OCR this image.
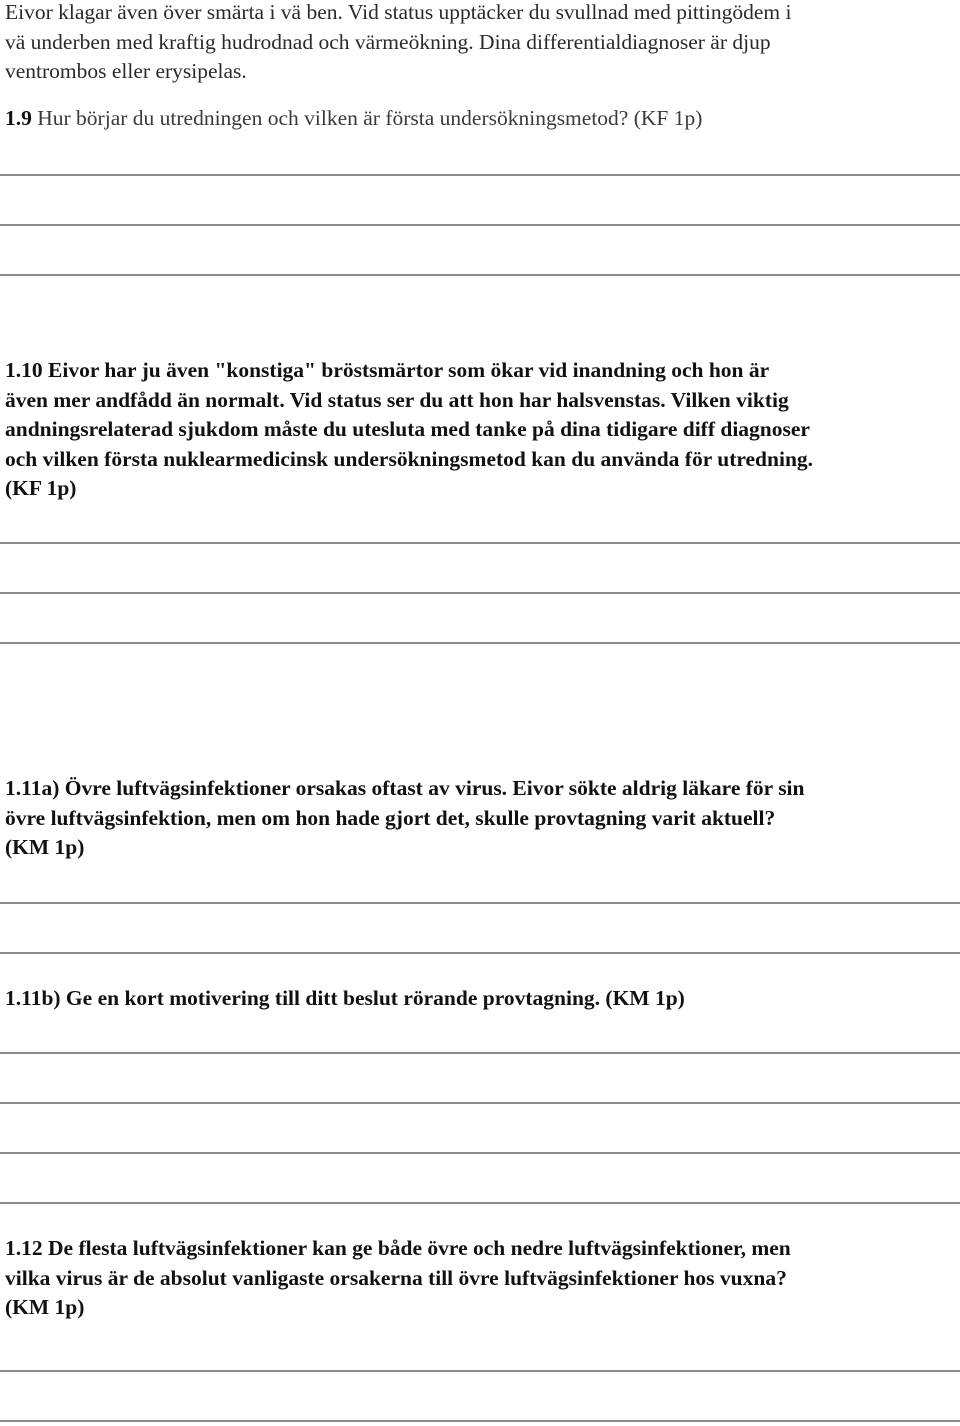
Eivor klagar även över smärta i vä ben. Vid status upptäcker du svullnad med pittingödem i
vä underben med kraftig hudrodnad och värmeökning. Dina differentialdiagnoser är djup
ventrombos eller erysipelas.

1.9 Hur börjar du utredningen och vilken är första undersökningsmetod? (KF 1p)

1.10 Eivor har ju även "konstiga" bröstsmärtor som ökar vid inandning och hon är
även mer andfådd än normalt. Vid status ser du att hon har halsvenstas. Vilken viktig
andningsrelaterad sjukdom måste du utesluta med tanke på dina tidigare diff diagnoser
och vilken första nuklearmedicinsk undersökningsmetod kan du använda för utredning.
(KF 1p)

1.11a) Övre luftvägsinfektioner orsakas oftast av virus. Eivor sökte aldrig läkare för sin
övre luftvägsinfektion, men om hon hade gjort det, skulle provtagning varit aktuell?
(KM 1p)

1.11b) Ge en kort motivering till ditt beslut rörande provtagning. (KM 1p)

1.12 De flesta luftvägsinfektioner kan ge både övre och nedre luftvägsinfektioner, men
vilka virus är de absolut vanligaste orsakerna till övre luftvägsinfektioner hos vuxna?
(KM 1p)
